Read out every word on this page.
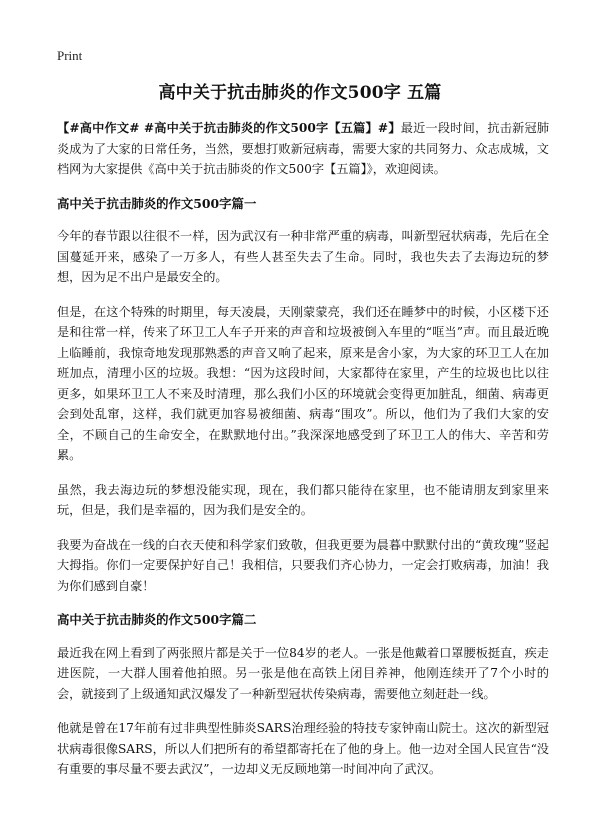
Print
高中关于抗击肺炎的作文500字 五篇

【#高中作文# #高中关于抗击肺炎的作文500字【五篇】#】最近一段时间，抗击新冠肺炎成为了大家的日常任务，当然，要想打败新冠病毒，需要大家的共同努力、众志成城，文档网为大家提供《高中关于抗击肺炎的作文500字【五篇】》，欢迎阅读。

高中关于抗击肺炎的作文500字篇一

今年的春节跟以往很不一样，因为武汉有一种非常严重的病毒，叫新型冠状病毒，先后在全国蔓延开来，感染了一万多人，有些人甚至失去了生命。同时，我也失去了去海边玩的梦想，因为足不出户是最安全的。

但是，在这个特殊的时期里，每天凌晨，天刚蒙蒙亮，我们还在睡梦中的时候，小区楼下还是和往常一样，传来了环卫工人车子开来的声音和垃圾被倒入车里的“哐当”声。而且最近晚上临睡前，我惊奇地发现那熟悉的声音又响了起来，原来是舍小家，为大家的环卫工人在加班加点，清理小区的垃圾。我想：“因为这段时间，大家都待在家里，产生的垃圾也比以往更多，如果环卫工人不来及时清理，那么我们小区的环境就会变得更加脏乱，细菌、病毒更会到处乱窜，这样，我们就更加容易被细菌、病毒“围攻”。所以，他们为了我们大家的安全，不顾自己的生命安全，在默默地付出。”我深深地感受到了环卫工人的伟大、辛苦和劳累。

虽然，我去海边玩的梦想没能实现，现在，我们都只能待在家里，也不能请朋友到家里来玩，但是，我们是幸福的，因为我们是安全的。

我要为奋战在一线的白衣天使和科学家们致敬，但我更要为晨暮中默默付出的“黄玫瑰”竖起大拇指。你们一定要保护好自己！我相信，只要我们齐心协力，一定会打败病毒，加油！我为你们感到自豪！

高中关于抗击肺炎的作文500字篇二

最近我在网上看到了两张照片都是关于一位84岁的老人。一张是他戴着口罩腰板挺直，疾走进医院，一大群人围着他拍照。另一张是他在高铁上闭目养神，他刚连续开了7个小时的会，就接到了上级通知武汉爆发了一种新型冠状传染病毒，需要他立刻赶赴一线。

他就是曾在17年前有过非典型性肺炎SARS治理经验的特技专家钟南山院士。这次的新型冠状病毒很像SARS，所以人们把所有的希望都寄托在了他的身上。他一边对全国人民宣告“没有重要的事尽量不要去武汉”，一边却义无反顾地第一时间冲向了武汉。
